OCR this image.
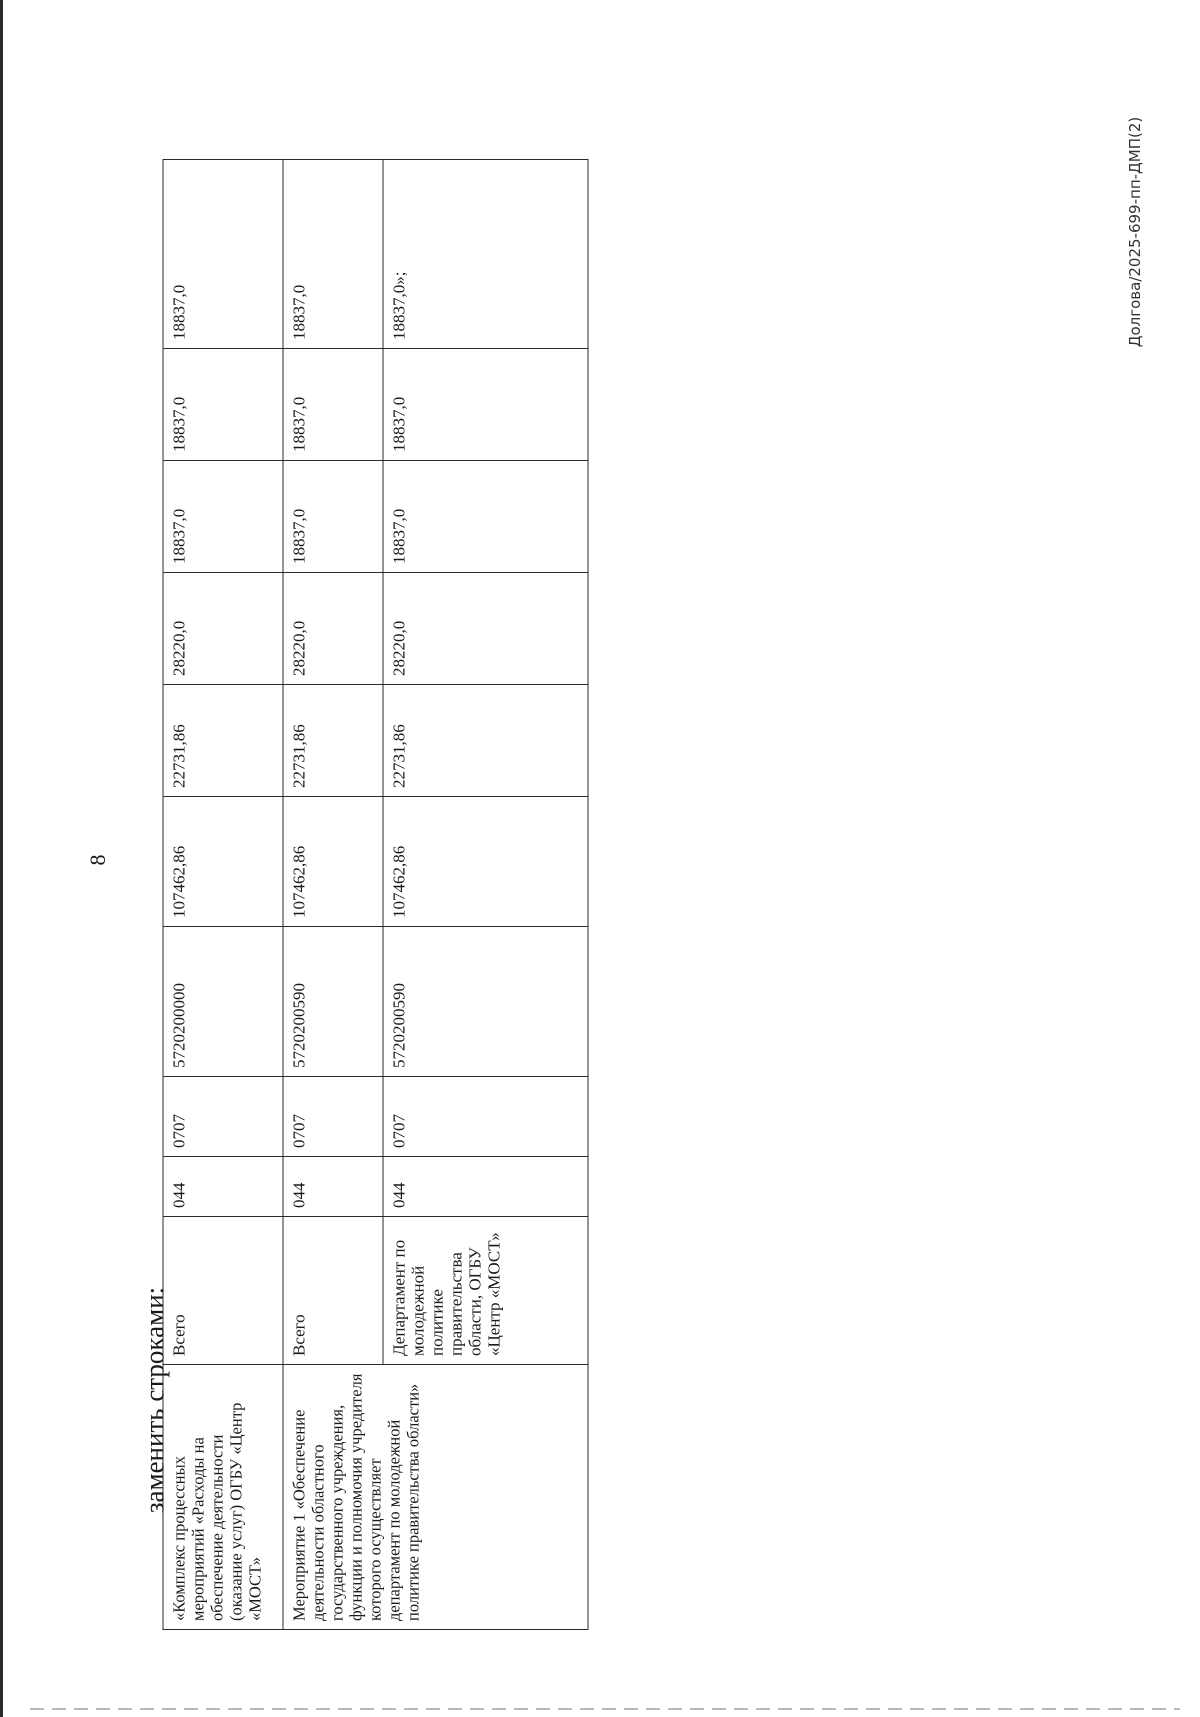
8
Долгова/2025-699-пп-ДМП(2)
заменить строками:
«Комплекс процессных мероприятий «Расходы на обеспечение деятельности (оказание услуг) ОГБУ «Центр «МОСТ»	Всего	044	0707	5720200000	107462,86	22731,86	28220,0	18837,0	18837,0	18837,0
Мероприятие 1 «Обеспечение деятельности областного государственного учреждения, функции и полномочия учредителя которого осуществляет департамент по молодежной политике правительства области»	Всего	044	0707	5720200590	107462,86	22731,86	28220,0	18837,0	18837,0	18837,0
	Департамент по молодежной политике правительства области, ОГБУ «Центр «МОСТ»	044	0707	5720200590	107462,86	22731,86	28220,0	18837,0	18837,0	18837,0»;
